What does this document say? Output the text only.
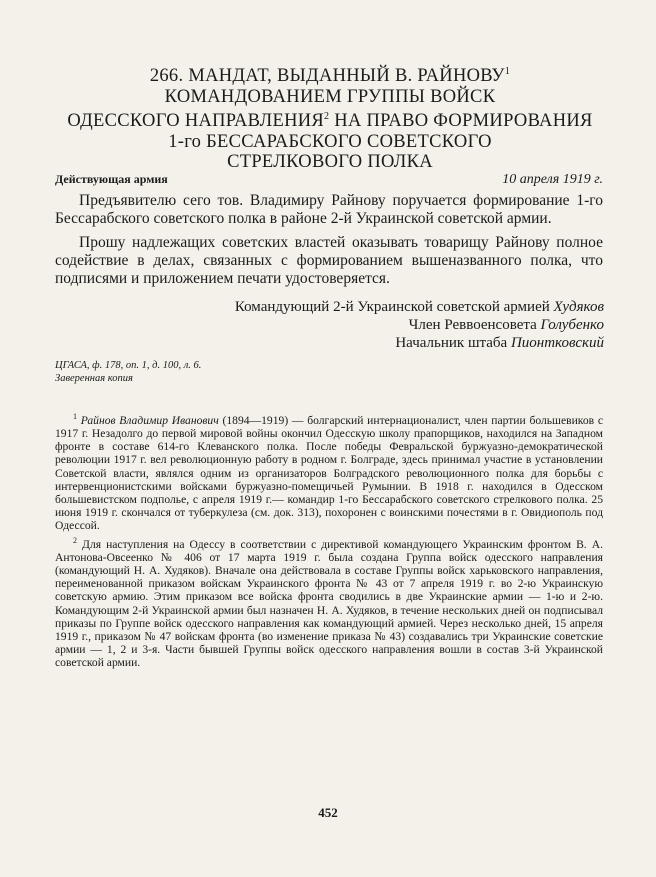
266. МАНДАТ, ВЫДАННЫЙ В. РАЙНОВУ$^1$
КОМАНДОВАНИЕМ ГРУППЫ ВОЙСК
ОДЕССКОГО НАПРАВЛЕНИЯ$^2$ НА ПРАВО ФОРМИРОВАНИЯ
1-го БЕССАРАБСКОГО СОВЕТСКОГО
СТРЕЛКОВОГО ПОЛКА
Действующая армия	10 апреля 1919 г.

Предъявителю сего тов. Владимиру Райнову поручается формирование 1-го Бессарабского советского полка в районе 2-й Украинской советской армии.

Прошу надлежащих советских властей оказывать товарищу Райнову полное содействие в делах, связанных с формированием вышеназванного полка, что подписями и приложением печати удостоверяется.

Командующий 2-й Украинской советской армией Худяков
Член Реввоенсовета Голубенко
Начальник штаба Пионтковский
ЦГАСА, ф. 178, оп. 1, д. 100, л. 6.
Заверенная копия

$^1$ Райнов Владимир Иванович (1894—1919) — болгарский интернационалист, член партии большевиков с 1917 г. Незадолго до первой мировой войны окончил Одесскую школу прапорщиков, находился на Западном фронте в составе 614-го Клеванского полка. После победы Февральской буржуазно-демократической революции 1917 г. вел революционную работу в родном г. Болграде, здесь принимал участие в установлении Советской власти, являлся одним из организаторов Болградского революционного полка для борьбы с интервенционистскими войсками буржуазно-помещичьей Румынии. В 1918 г. находился в Одесском большевистском подполье, с апреля 1919 г.— командир 1-го Бессарабского советского стрелкового полка. 25 июня 1919 г. скончался от туберкулеза (см. док. 313), похоронен с воинскими почестями в г. Овидиополь под Одессой.

$^2$ Для наступления на Одессу в соответствии с директивой командующего Украинским фронтом В. А. Антонова-Овсеенко № 406 от 17 марта 1919 г. была создана Группа войск одесского направления (командующий Н. А. Худяков). Вначале она действовала в составе Группы войск харьковского направления, переименованной приказом войскам Украинского фронта № 43 от 7 апреля 1919 г. во 2-ю Украинскую советскую армию. Этим приказом все войска фронта сводились в две Украинские армии — 1-ю и 2-ю. Командующим 2-й Украинской армии был назначен Н. А. Худяков, в течение нескольких дней он подписывал приказы по Группе войск одесского направления как командующий армией. Через несколько дней, 15 апреля 1919 г., приказом № 47 войскам фронта (во изменение приказа № 43) создавались три Украинские советские армии — 1, 2 и 3-я. Части бывшей Группы войск одесского направления вошли в состав 3-й Украинской советской армии.

452
